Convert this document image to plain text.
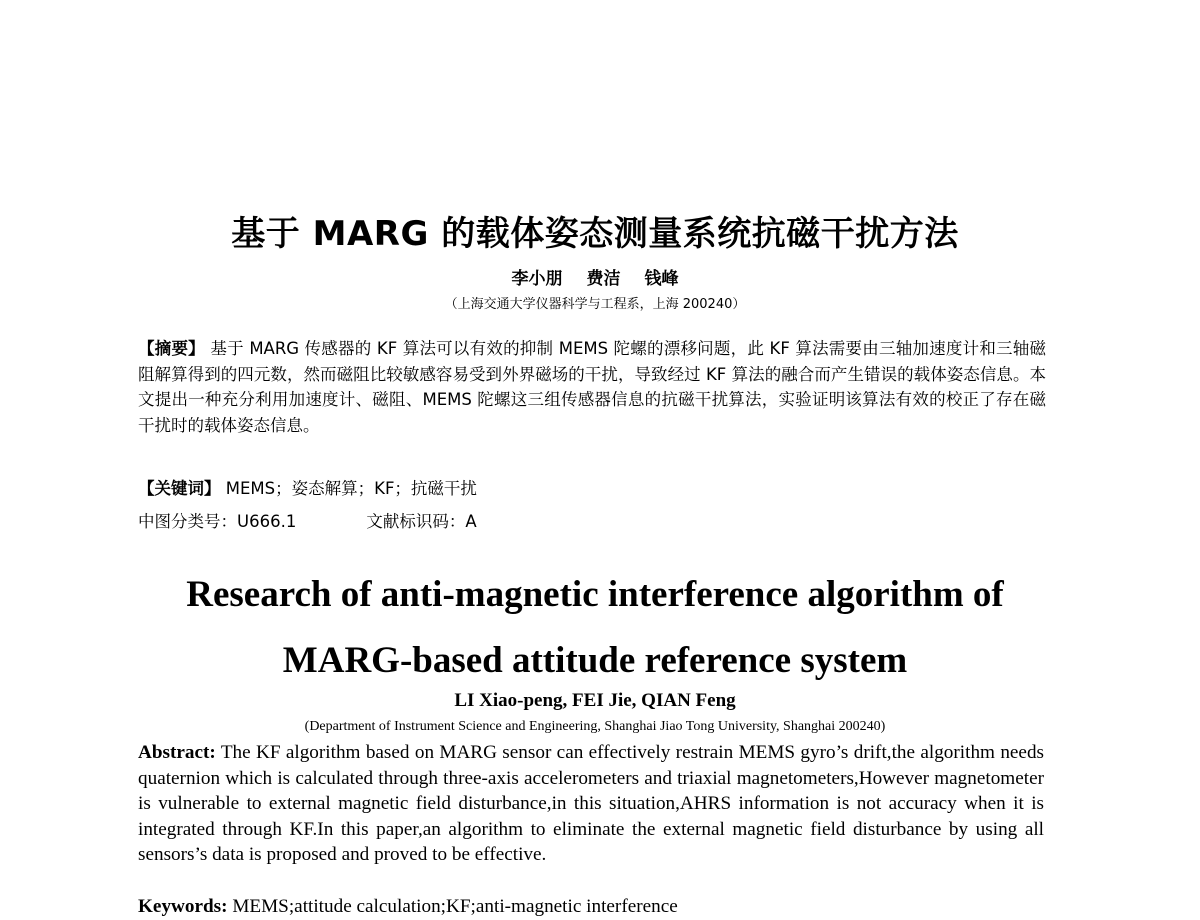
基于 MARG 的载体姿态测量系统抗磁干扰方法
李小朋 费洁 钱峰
（上海交通大学仪器科学与工程系，上海 200240）
【摘要】 基于 MARG 传感器的 KF 算法可以有效的抑制 MEMS 陀螺的漂移问题，此 KF 算法需要由三轴加速度计和三轴磁阻解算得到的四元数，然而磁阻比较敏感容易受到外界磁场的干扰，导致经过 KF 算法的融合而产生错误的载体姿态信息。本文提出一种充分利用加速度计、磁阻、MEMS 陀螺这三组传感器信息的抗磁干扰算法，实验证明该算法有效的校正了存在磁干扰时的载体姿态信息。
【关键词】 MEMS；姿态解算；KF；抗磁干扰
中图分类号：U666.1	文献标识码：A
Research of anti-magnetic interference algorithm of
MARG-based attitude reference system
LI Xiao-peng, FEI Jie, QIAN Feng
(Department of Instrument Science and Engineering, Shanghai Jiao Tong University, Shanghai 200240)
Abstract: The KF algorithm based on MARG sensor can effectively restrain MEMS gyro’s drift,the algorithm needs quaternion which is calculated through three-axis accelerometers and triaxial magnetometers,However magnetometer is vulnerable to external magnetic field disturbance,in this situation,AHRS information is not accuracy when it is integrated through KF.In this paper,an algorithm to eliminate the external magnetic field disturbance by using all sensors’s data is proposed and proved to be effective.
Keywords: MEMS;attitude calculation;KF;anti-magnetic interference
